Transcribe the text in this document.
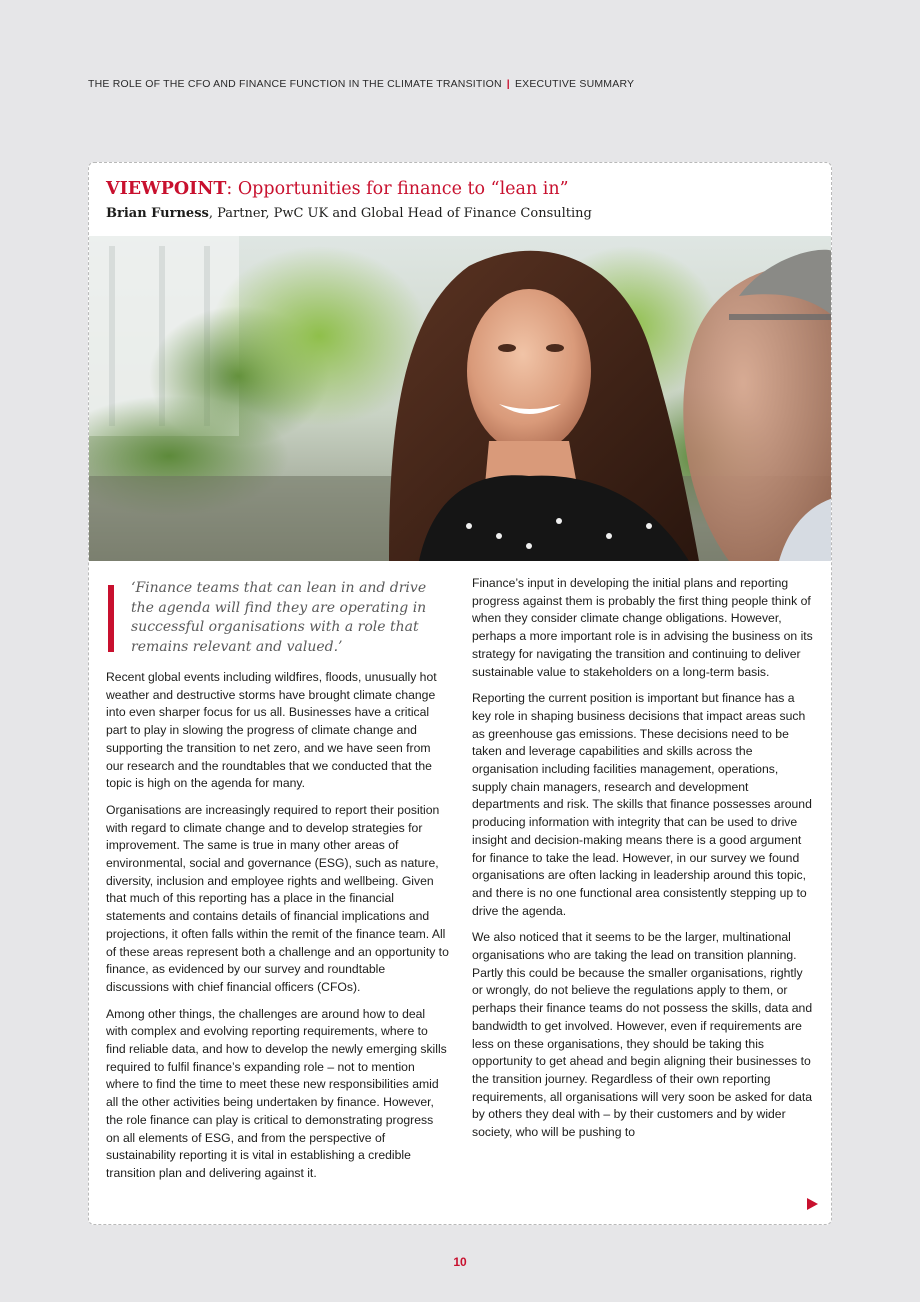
THE ROLE OF THE CFO AND FINANCE FUNCTION IN THE CLIMATE TRANSITION | EXECUTIVE SUMMARY
VIEWPOINT: Opportunities for finance to “lean in”
Brian Furness, Partner, PwC UK and Global Head of Finance Consulting

‘Finance teams that can lean in and drive the agenda will find they are operating in successful organisations with a role that remains relevant and valued.’

Recent global events including wildfires, floods, unusually hot weather and destructive storms have brought climate change into even sharper focus for us all. Businesses have a critical part to play in slowing the progress of climate change and supporting the transition to net zero, and we have seen from our research and the roundtables that we conducted that the topic is high on the agenda for many.

Organisations are increasingly required to report their position with regard to climate change and to develop strategies for improvement. The same is true in many other areas of environmental, social and governance (ESG), such as nature, diversity, inclusion and employee rights and wellbeing. Given that much of this reporting has a place in the financial statements and contains details of financial implications and projections, it often falls within the remit of the finance team. All of these areas represent both a challenge and an opportunity to finance, as evidenced by our survey and roundtable discussions with chief financial officers (CFOs).

Among other things, the challenges are around how to deal with complex and evolving reporting requirements, where to find reliable data, and how to develop the newly emerging skills required to fulfil finance’s expanding role – not to mention where to find the time to meet these new responsibilities amid all the other activities being undertaken by finance. However, the role finance can play is critical to demonstrating progress on all elements of ESG, and from the perspective of sustainability reporting it is vital in establishing a credible transition plan and delivering against it.

Finance’s input in developing the initial plans and reporting progress against them is probably the first thing people think of when they consider climate change obligations. However, perhaps a more important role is in advising the business on its strategy for navigating the transition and continuing to deliver sustainable value to stakeholders on a long-term basis.

Reporting the current position is important but finance has a key role in shaping business decisions that impact areas such as greenhouse gas emissions. These decisions need to be taken and leverage capabilities and skills across the organisation including facilities management, operations, supply chain managers, research and development departments and risk. The skills that finance possesses around producing information with integrity that can be used to drive insight and decision-making means there is a good argument for finance to take the lead. However, in our survey we found organisations are often lacking in leadership around this topic, and there is no one functional area consistently stepping up to drive the agenda.

We also noticed that it seems to be the larger, multinational organisations who are taking the lead on transition planning. Partly this could be because the smaller organisations, rightly or wrongly, do not believe the regulations apply to them, or perhaps their finance teams do not possess the skills, data and bandwidth to get involved. However, even if requirements are less on these organisations, they should be taking this opportunity to get ahead and begin aligning their businesses to the transition journey. Regardless of their own reporting requirements, all organisations will very soon be asked for data by others they deal with – by their customers and by wider society, who will be pushing to

10
